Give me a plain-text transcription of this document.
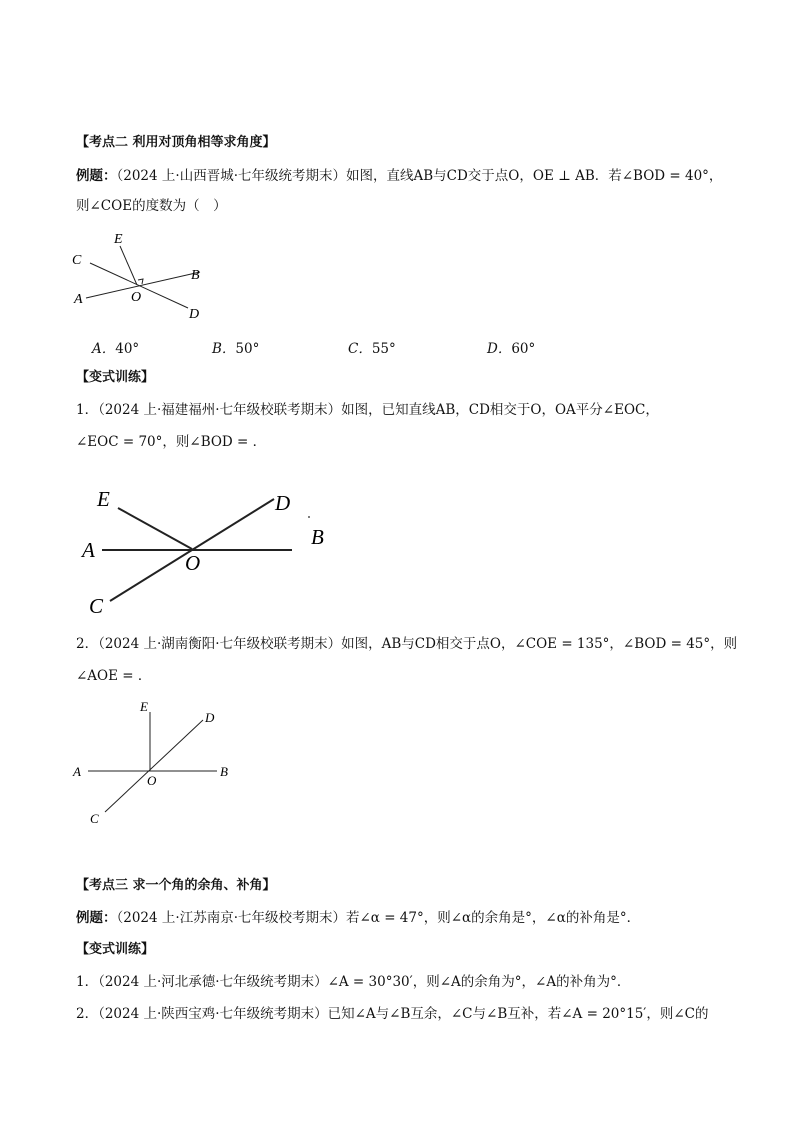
【考点二 利用对顶角相等求角度】
例题：（2024 上·山西晋城·七年级统考期末）如图，直线AB与CD交于点O，OE ⊥ AB．若∠BOD = 40°，
则∠COE的度数为（　）
E
C
B
A	O
D
A．40°	B．50°	C．55°	D．60°
【变式训练】
1．（2024 上·福建福州·七年级校联考期末）如图，已知直线AB，CD相交于O，OA平分∠EOC，
∠EOC = 70°，则∠BOD = ．
E	D
A
O
B
C
2．（2024 上·湖南衡阳·七年级校联考期末）如图，AB与CD相交于点O，∠COE = 135°，∠BOD = 45°，则
∠AOE = ．
E
D
A
O
B
C
【考点三 求一个角的余角、补角】
例题：（2024 上·江苏南京·七年级校考期末）若∠α = 47°，则∠α的余角是°，∠α的补角是°．
【变式训练】
1．（2024 上·河北承德·七年级统考期末）∠A = 30°30′，则∠A的余角为°，∠A的补角为°．
2．（2024 上·陕西宝鸡·七年级统考期末）已知∠A与∠B互余，∠C与∠B互补，若∠A = 20°15′，则∠C的
